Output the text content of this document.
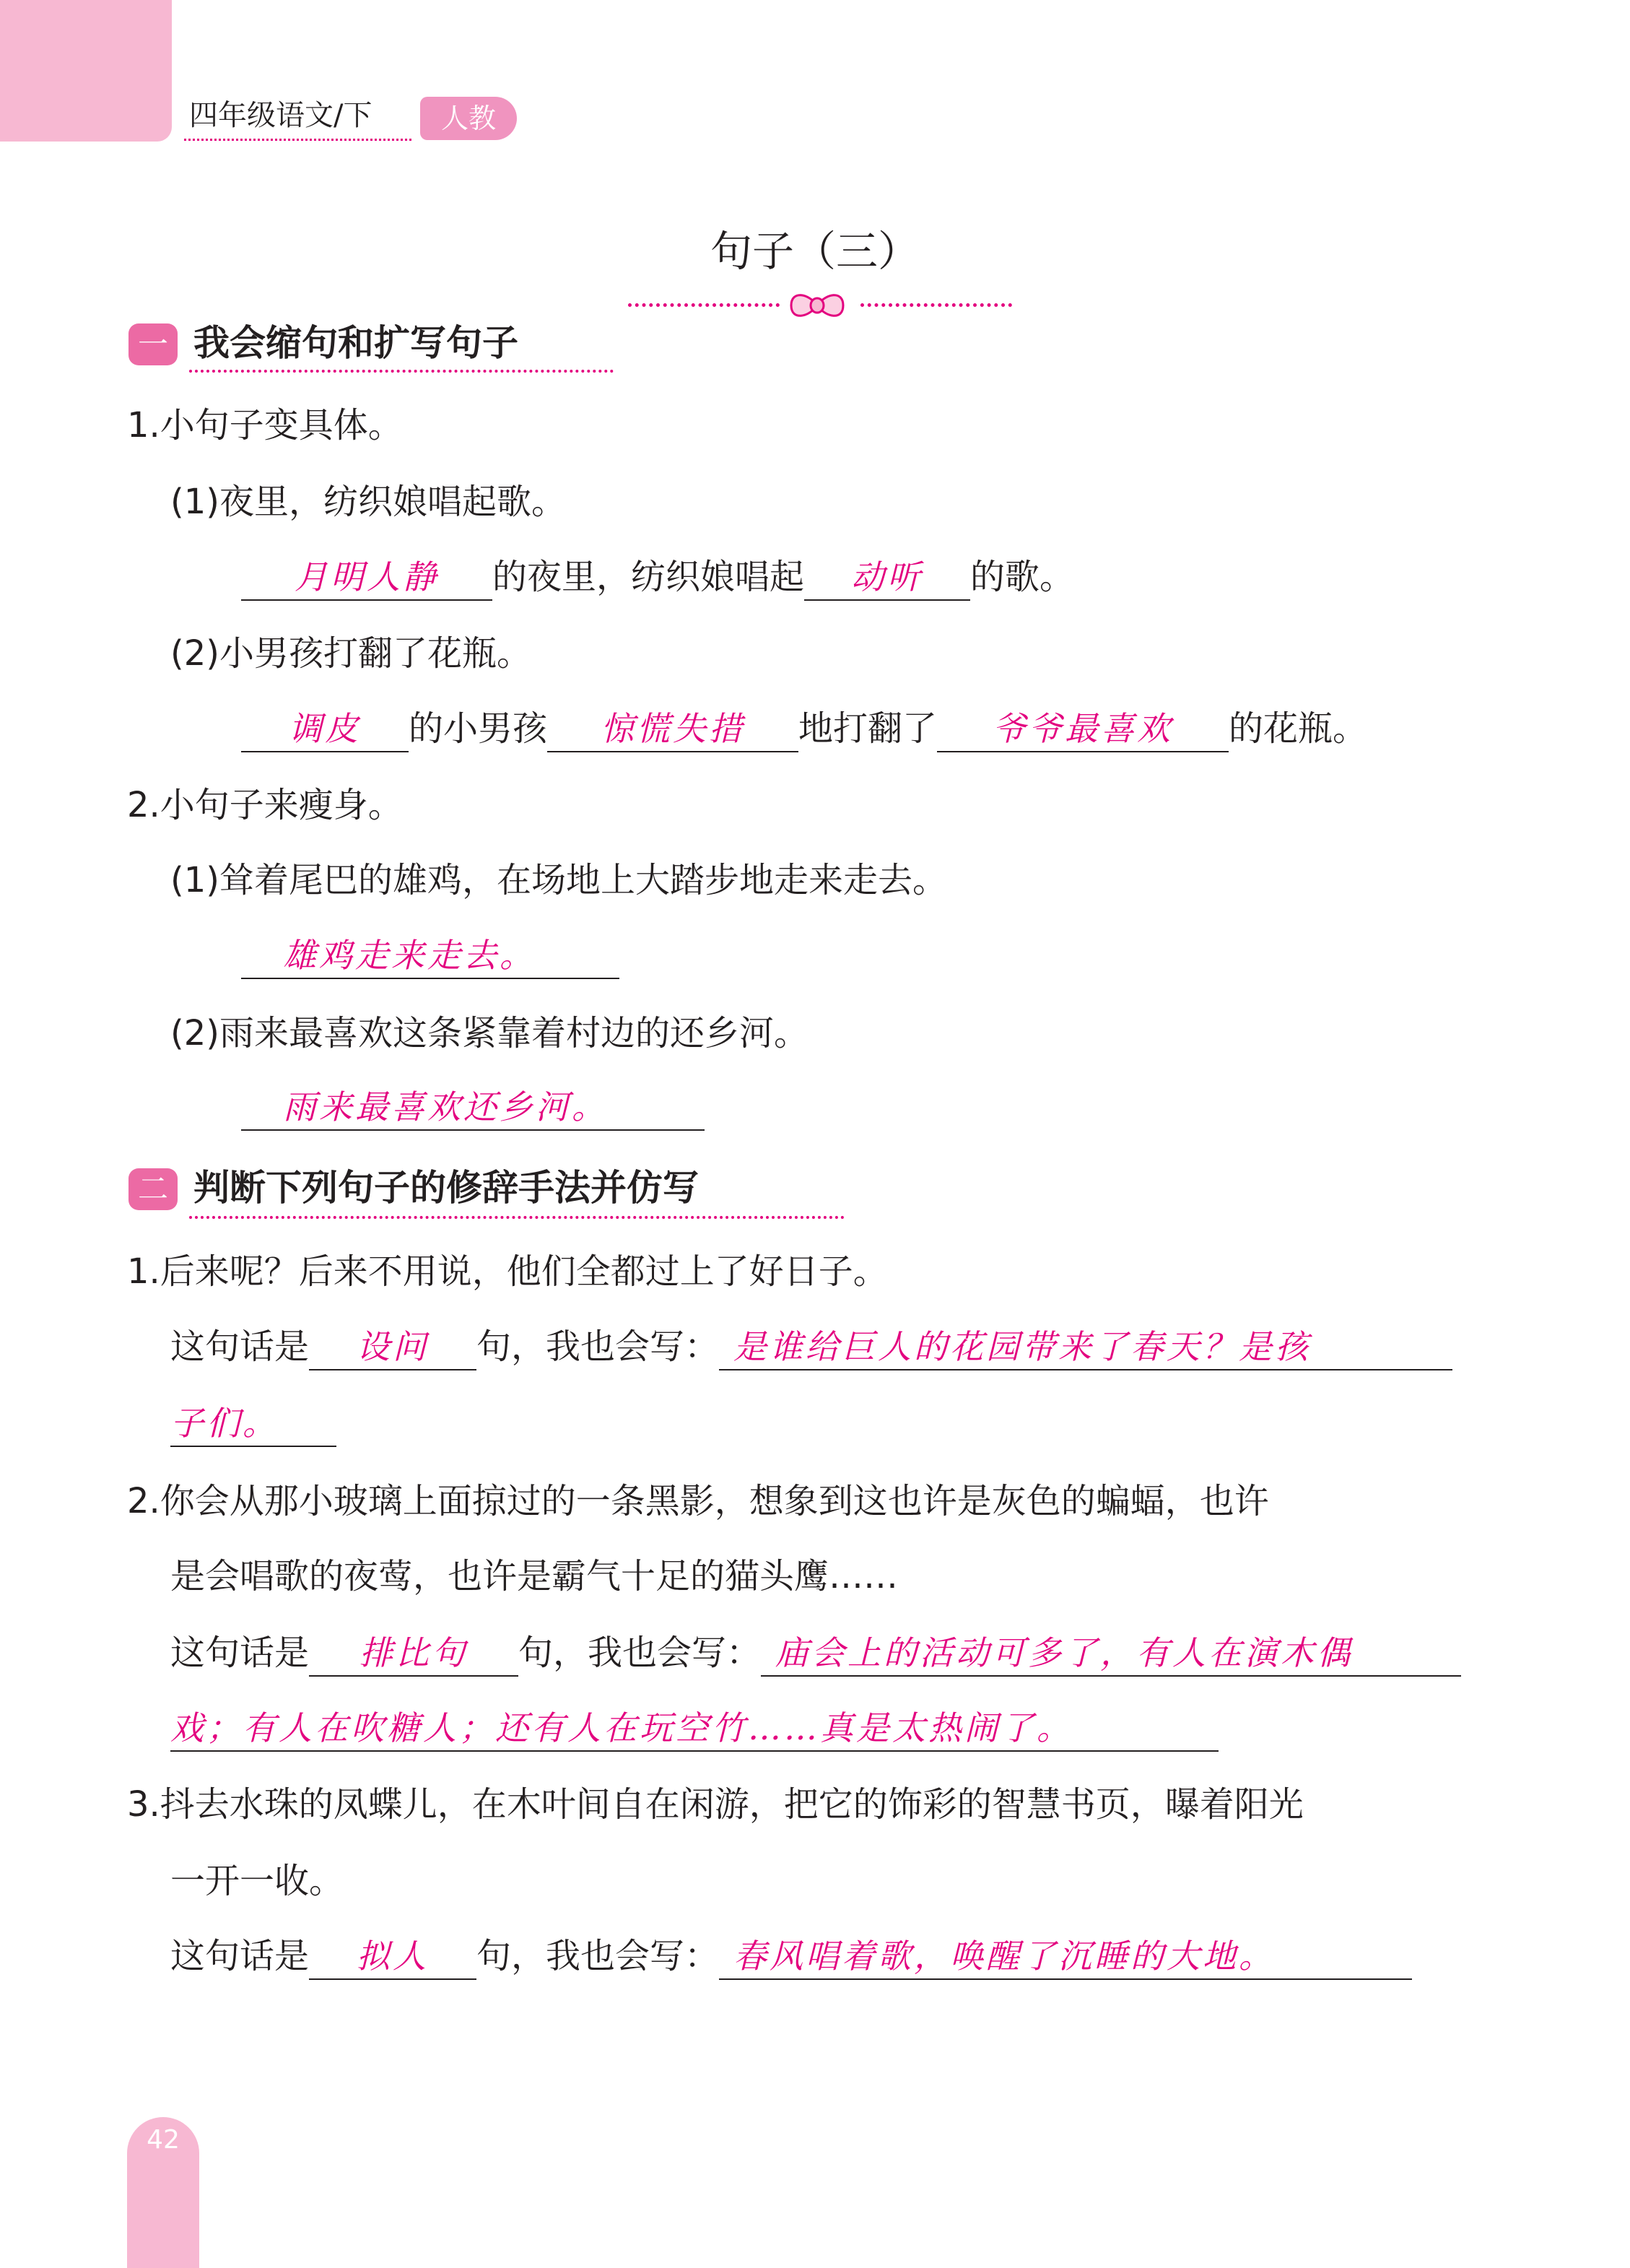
四年级语文/下	人教
句子（三）
一 我会缩句和扩写句子
1. 小句子变具体。
(1) 夜里，纺织娘唱起歌。
月明人静	的夜里，纺织娘唱起	动听	的歌。
(2) 小男孩打翻了花瓶。
调皮	的小男孩	惊慌失措	地打翻了	爷爷最喜欢	的花瓶。
2. 小句子来瘦身。
(1) 耸着尾巴的雄鸡，在场地上大踏步地走来走去。
雄鸡走来走去。
(2) 雨来最喜欢这条紧靠着村边的还乡河。
雨来最喜欢还乡河。
二 判断下列句子的修辞手法并仿写
1. 后来呢？后来不用说，他们全都过上了好日子。
这句话是	设问	句，我也会写： 是谁给巨人的花园带来了春天？是孩
子们。
2. 你会从那小玻璃上面掠过的一条黑影，想象到这也许是灰色的蝙蝠，也许
是会唱歌的夜莺，也许是霸气十足的猫头鹰……
这句话是	排比句	句，我也会写： 庙会上的活动可多了，有人在演木偶
戏；有人在吹糖人；还有人在玩空竹……真是太热闹了。
3. 抖去水珠的凤蝶儿，在木叶间自在闲游，把它的饰彩的智慧书页，曝着阳光
一开一收。
这句话是	拟人	句，我也会写： 春风唱着歌，唤醒了沉睡的大地。
42
